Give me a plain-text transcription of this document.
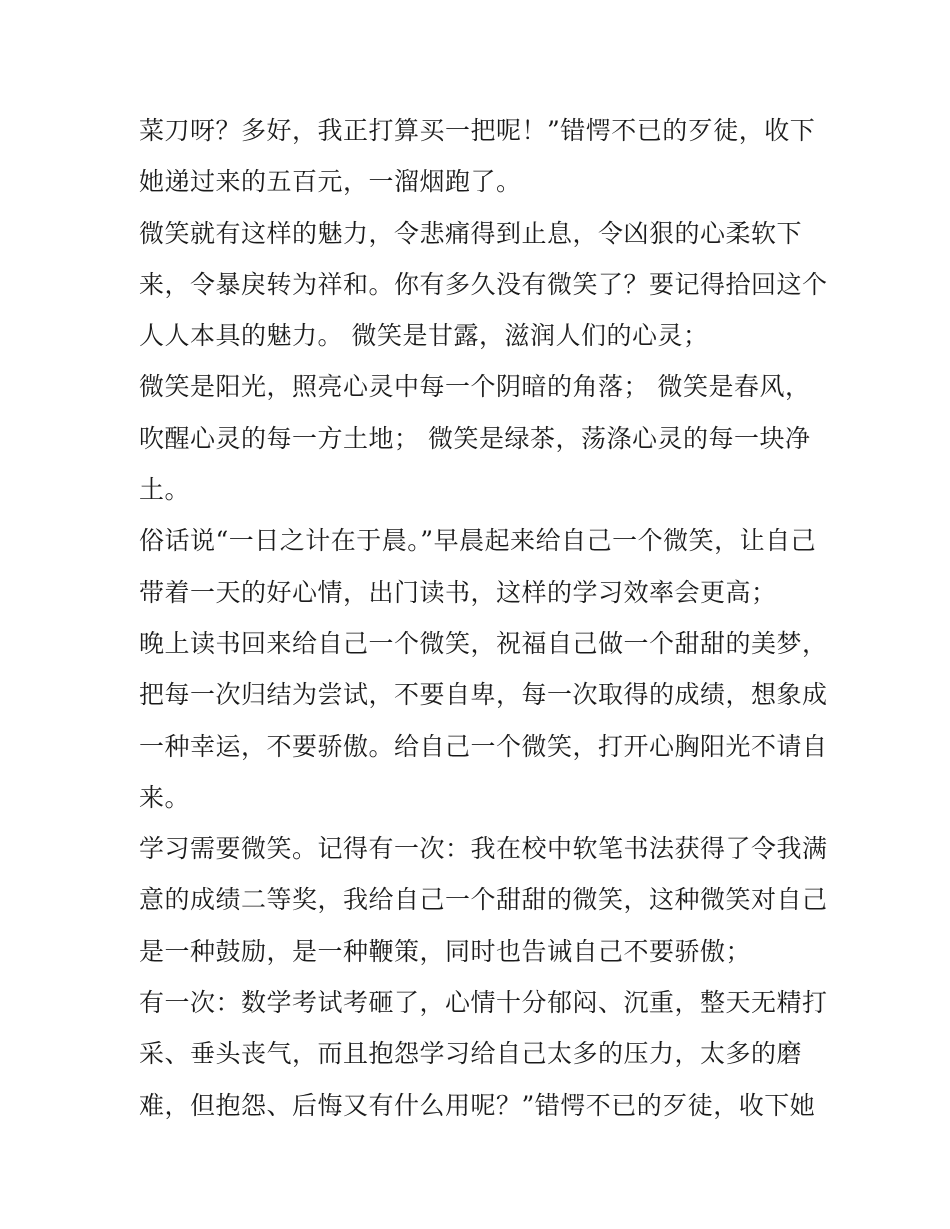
菜刀呀？多好，我正打算买一把呢！”错愕不已的歹徒，收下
她递过来的五百元，一溜烟跑了。
微笑就有这样的魅力，令悲痛得到止息，令凶狠的心柔软下
来，令暴戾转为祥和。你有多久没有微笑了？要记得拾回这个
人人本具的魅力。 微笑是甘露，滋润人们的心灵；
微笑是阳光，照亮心灵中每一个阴暗的角落； 微笑是春风，
吹醒心灵的每一方土地； 微笑是绿茶，荡涤心灵的每一块净
土。
俗话说“一日之计在于晨。”早晨起来给自己一个微笑，让自己
带着一天的好心情，出门读书，这样的学习效率会更高；
晚上读书回来给自己一个微笑，祝福自己做一个甜甜的美梦，
把每一次归结为尝试，不要自卑，每一次取得的成绩，想象成
一种幸运，不要骄傲。给自己一个微笑，打开心胸阳光不请自
来。
学习需要微笑。记得有一次：我在校中软笔书法获得了令我满
意的成绩二等奖，我给自己一个甜甜的微笑，这种微笑对自己
是一种鼓励，是一种鞭策，同时也告诫自己不要骄傲；
有一次：数学考试考砸了，心情十分郁闷、沉重，整天无精打
采、垂头丧气，而且抱怨学习给自己太多的压力，太多的磨
难，但抱怨、后悔又有什么用呢？”错愕不已的歹徒，收下她
